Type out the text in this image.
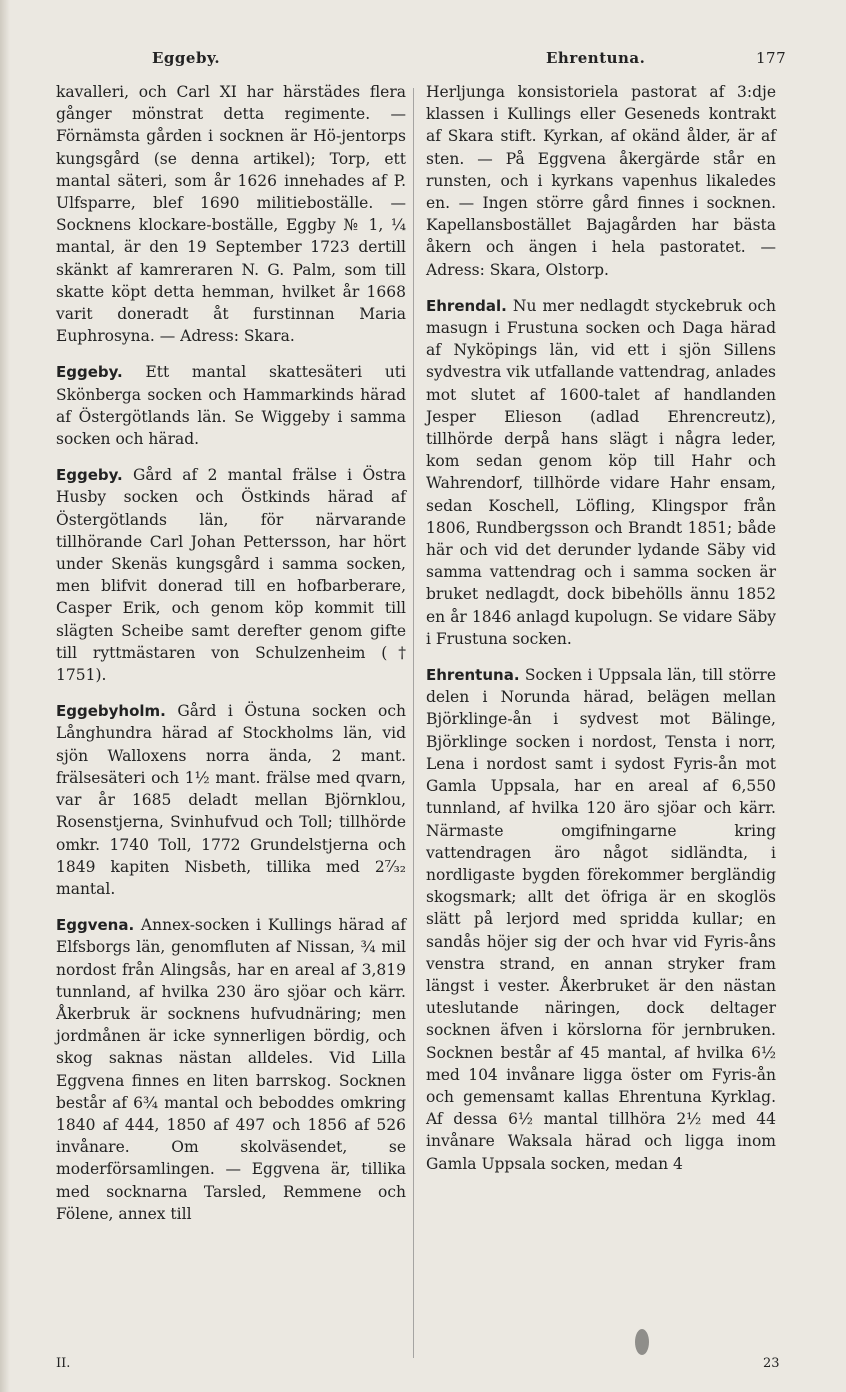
Eggeby.	Ehrentuna.	177

kavalleri, och Carl XI har härstädes flera gånger mönstrat detta regimente. — Förnämsta gården i socknen är Hö-jentorps kungsgård (se denna artikel); Torp, ett mantal säteri, som år 1626 innehades af P. Ulfsparre, blef 1690 militieboställe. — Socknens klockare-boställe, Eggby № 1, ¼ mantal, är den 19 September 1723 dertill skänkt af kamreraren N. G. Palm, som till skatte köpt detta hemman, hvilket år 1668 varit doneradt åt furstinnan Maria Euphrosyna. — Adress: Skara.

Eggeby. Ett mantal skattesäteri uti Skönberga socken och Hammarkinds härad af Östergötlands län. Se Wiggeby i samma socken och härad.

Eggeby. Gård af 2 mantal frälse i Östra Husby socken och Östkinds härad af Östergötlands län, för närvarande tillhörande Carl Johan Pettersson, har hört under Skenäs kungsgård i samma socken, men blifvit donerad till en hofbarberare, Casper Erik, och genom köp kommit till slägten Scheibe samt derefter genom gifte till ryttmästaren von Schulzenheim († 1751).

Eggebyholm. Gård i Östuna socken och Långhundra härad af Stockholms län, vid sjön Walloxens norra ända, 2 mant. frälsesäteri och 1½ mant. frälse med qvarn, var år 1685 deladt mellan Björnklou, Rosenstjerna, Svinhufvud och Toll; tillhörde omkr. 1740 Toll, 1772 Grundelstjerna och 1849 kapiten Nisbeth, tillika med 2⁷⁄₃₂ mantal.

Eggvena. Annex-socken i Kullings härad af Elfsborgs län, genomfluten af Nissan, ¾ mil nordost från Alingsås, har en areal af 3,819 tunnland, af hvilka 230 äro sjöar och kärr. Åkerbruk är socknens hufvudnäring; men jordmånen är icke synnerligen bördig, och skog saknas nästan alldeles. Vid Lilla Eggvena finnes en liten barrskog. Socknen består af 6¾ mantal och beboddes omkring 1840 af 444, 1850 af 497 och 1856 af 526 invånare. Om skolväsendet, se moderförsamlingen. — Eggvena är, tillika med socknarna Tarsled, Remmene och Fölene, annex till

Herljunga konsistoriela pastorat af 3:dje klassen i Kullings eller Geseneds kontrakt af Skara stift. Kyrkan, af okänd ålder, är af sten. — På Eggvena åkergärde står en runsten, och i kyrkans vapenhus likaledes en. — Ingen större gård finnes i socknen. Kapellansbostället Bajagården har bästa åkern och ängen i hela pastoratet. — Adress: Skara, Olstorp.

Ehrendal. Nu mer nedlagdt styckebruk och masugn i Frustuna socken och Daga härad af Nyköpings län, vid ett i sjön Sillens sydvestra vik utfallande vattendrag, anlades mot slutet af 1600-talet af handlanden Jesper Elieson (adlad Ehrencreutz), tillhörde derpå hans slägt i några leder, kom sedan genom köp till Hahr och Wahrendorf, tillhörde vidare Hahr ensam, sedan Koschell, Löfling, Klingspor från 1806, Rundbergsson och Brandt 1851; både här och vid det derunder lydande Säby vid samma vattendrag och i samma socken är bruket nedlagdt, dock bibehölls ännu 1852 en år 1846 anlagd kupolugn. Se vidare Säby i Frustuna socken.

Ehrentuna. Socken i Uppsala län, till större delen i Norunda härad, belägen mellan Björklinge-ån i sydvest mot Bälinge, Björklinge socken i nordost, Tensta i norr, Lena i nordost samt i sydost Fyris-ån mot Gamla Uppsala, har en areal af 6,550 tunnland, af hvilka 120 äro sjöar och kärr. Närmaste omgifningarne kring vattendragen äro något sidländta, i nordligaste bygden förekommer bergländig skogsmark; allt det öfriga är en skoglös slätt på lerjord med spridda kullar; en sandås höjer sig der och hvar vid Fyris-åns venstra strand, en annan stryker fram längst i vester. Åkerbruket är den nästan uteslutande näringen, dock deltager socknen äfven i körslorna för jernbruken. Socknen består af 45 mantal, af hvilka 6½ med 104 invånare ligga öster om Fyris-ån och gemensamt kallas Ehrentuna Kyrklag. Af dessa 6½ mantal tillhöra 2½ med 44 invånare Waksala härad och ligga inom Gamla Uppsala socken, medan 4

II.	23
